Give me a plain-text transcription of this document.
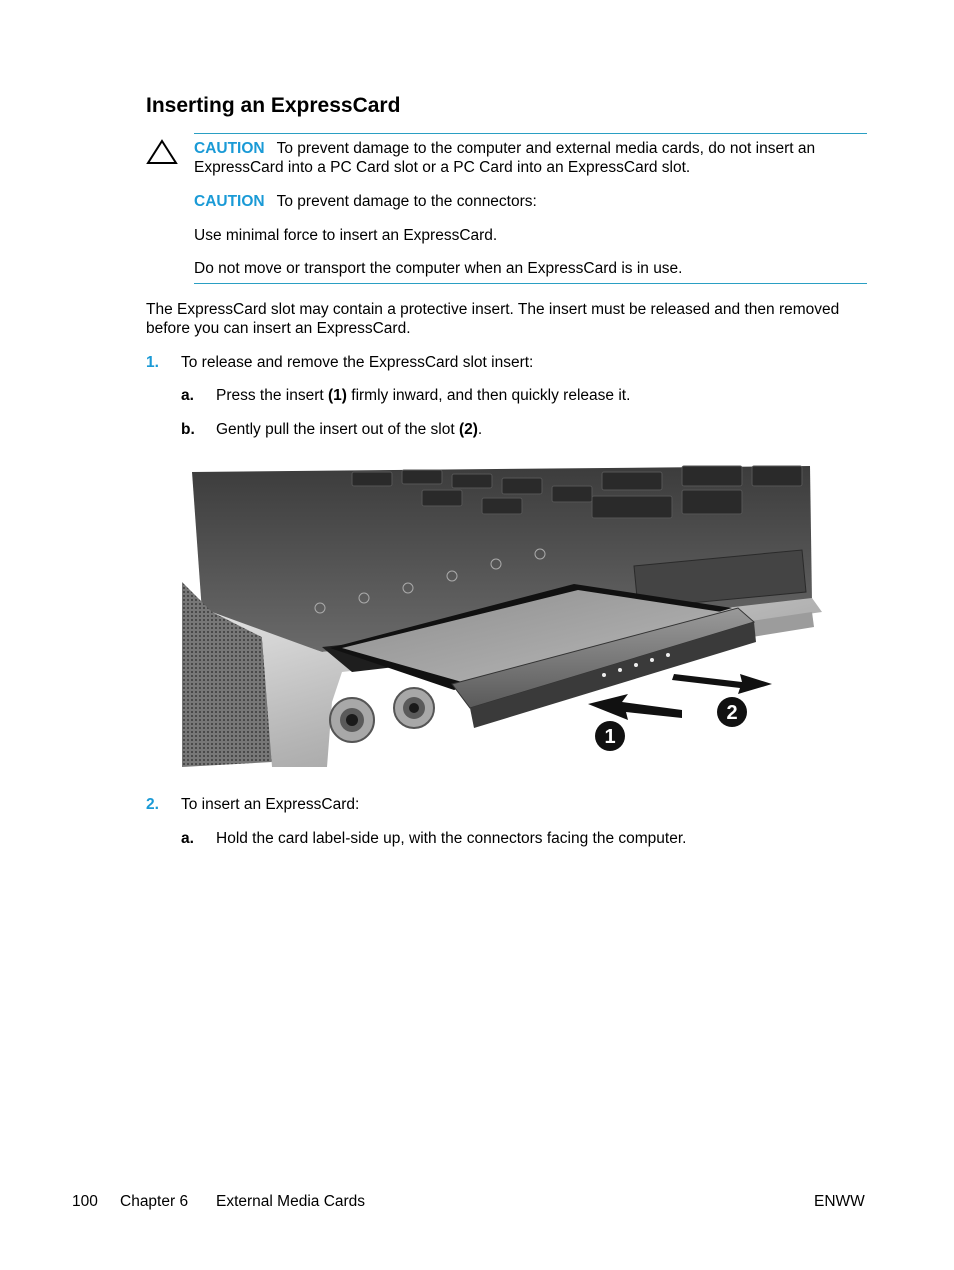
Inserting an ExpressCard
CAUTION To prevent damage to the computer and external media cards, do not insert an ExpressCard into a PC Card slot or a PC Card into an ExpressCard slot.
CAUTION To prevent damage to the connectors:
Use minimal force to insert an ExpressCard.
Do not move or transport the computer when an ExpressCard is in use.
The ExpressCard slot may contain a protective insert. The insert must be released and then removed before you can insert an ExpressCard.
1. To release and remove the ExpressCard slot insert:
a. Press the insert (1) firmly inward, and then quickly release it.
b. Gently pull the insert out of the slot (2).
1
2
2. To insert an ExpressCard:
a. Hold the card label-side up, with the connectors facing the computer.
100 Chapter 6 External Media Cards	ENWW
